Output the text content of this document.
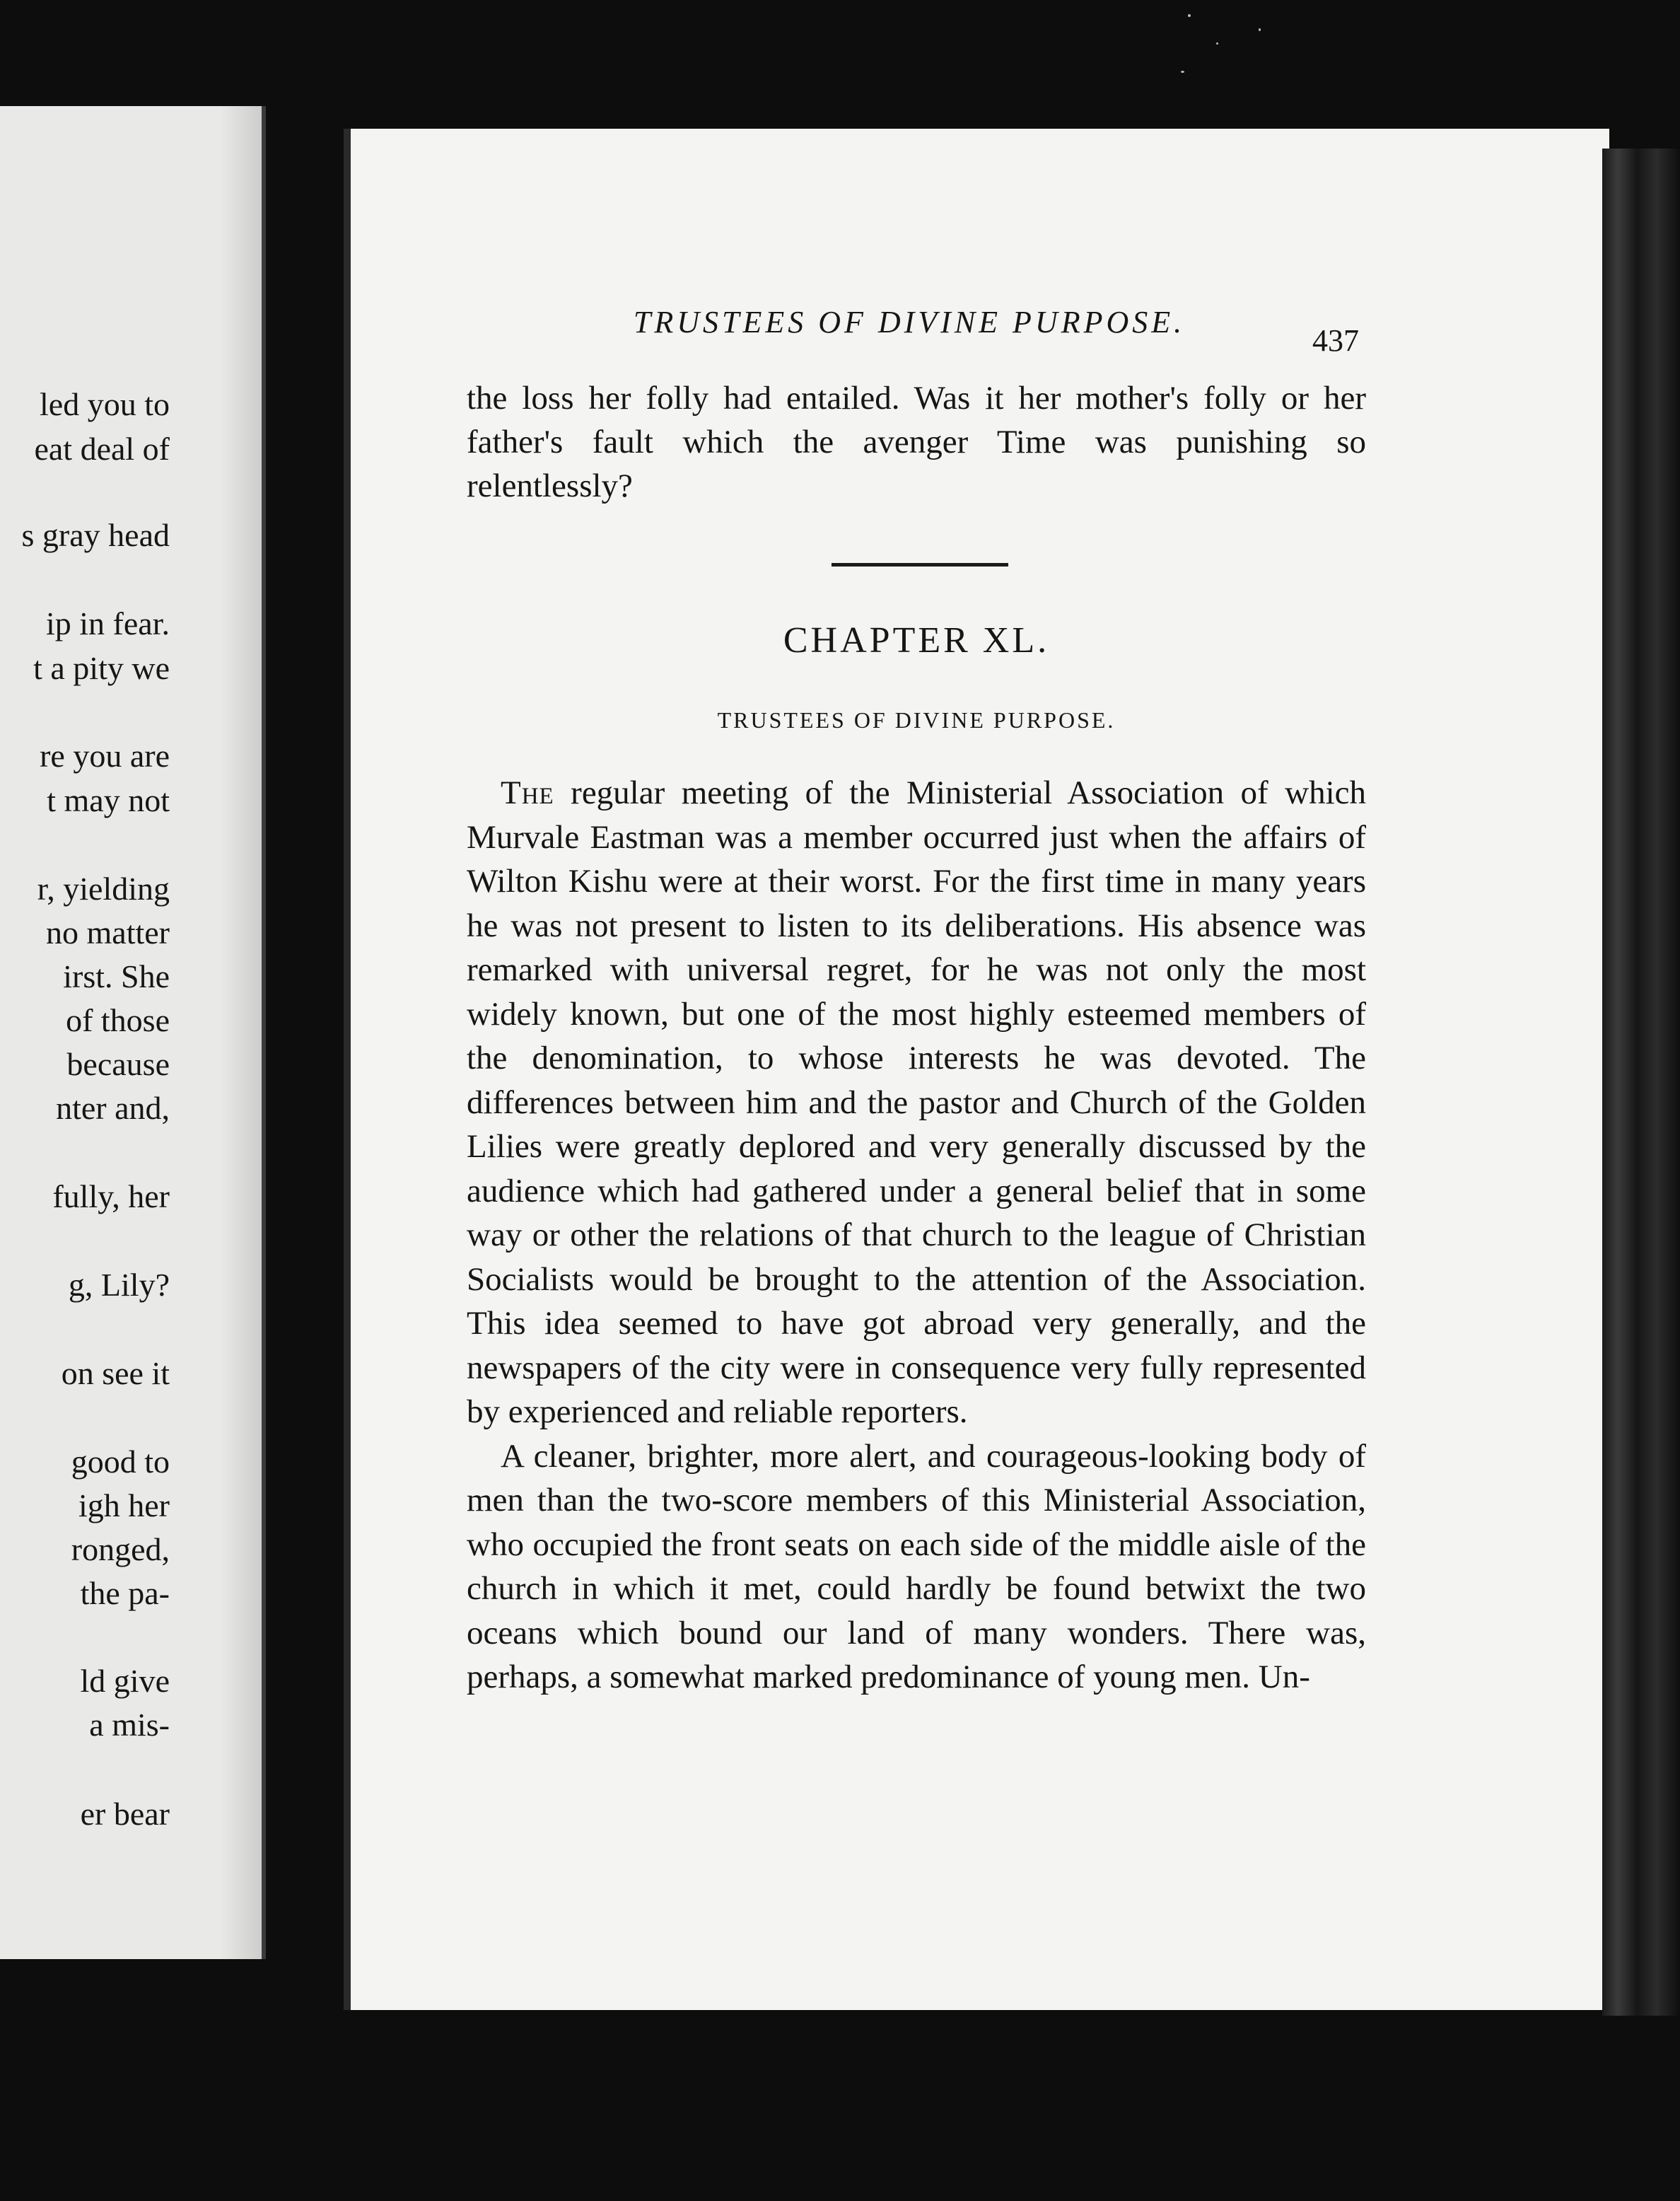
led you to
eat deal of
s gray head
ip in fear.
t a pity we
re you are
t may not
r, yielding
no matter
irst. She
of those
because
nter and,
fully, her
g, Lily?
on see it
good to
igh her
ronged,
the pa-
ld give
a mis-
er bear
TRUSTEES OF DIVINE PURPOSE.
437

the loss her folly had entailed. Was it her mother's folly or her father's fault which the avenger Time was punishing so relentlessly?

CHAPTER XL.
TRUSTEES OF DIVINE PURPOSE.

The regular meeting of the Ministerial Association of which Murvale Eastman was a member occurred just when the affairs of Wilton Kishu were at their worst. For the first time in many years he was not present to listen to its deliberations. His absence was remarked with universal regret, for he was not only the most widely known, but one of the most highly esteemed members of the denomination, to whose interests he was devoted. The differences between him and the pastor and Church of the Golden Lilies were greatly deplored and very generally discussed by the audience which had gathered under a general belief that in some way or other the relations of that church to the league of Christian Socialists would be brought to the attention of the Association. This idea seemed to have got abroad very generally, and the newspapers of the city were in consequence very fully represented by experienced and reliable reporters.

A cleaner, brighter, more alert, and courageous-looking body of men than the two-score members of this Ministerial Association, who occupied the front seats on each side of the middle aisle of the church in which it met, could hardly be found betwixt the two oceans which bound our land of many wonders. There was, perhaps, a somewhat marked predominance of young men. Un-
